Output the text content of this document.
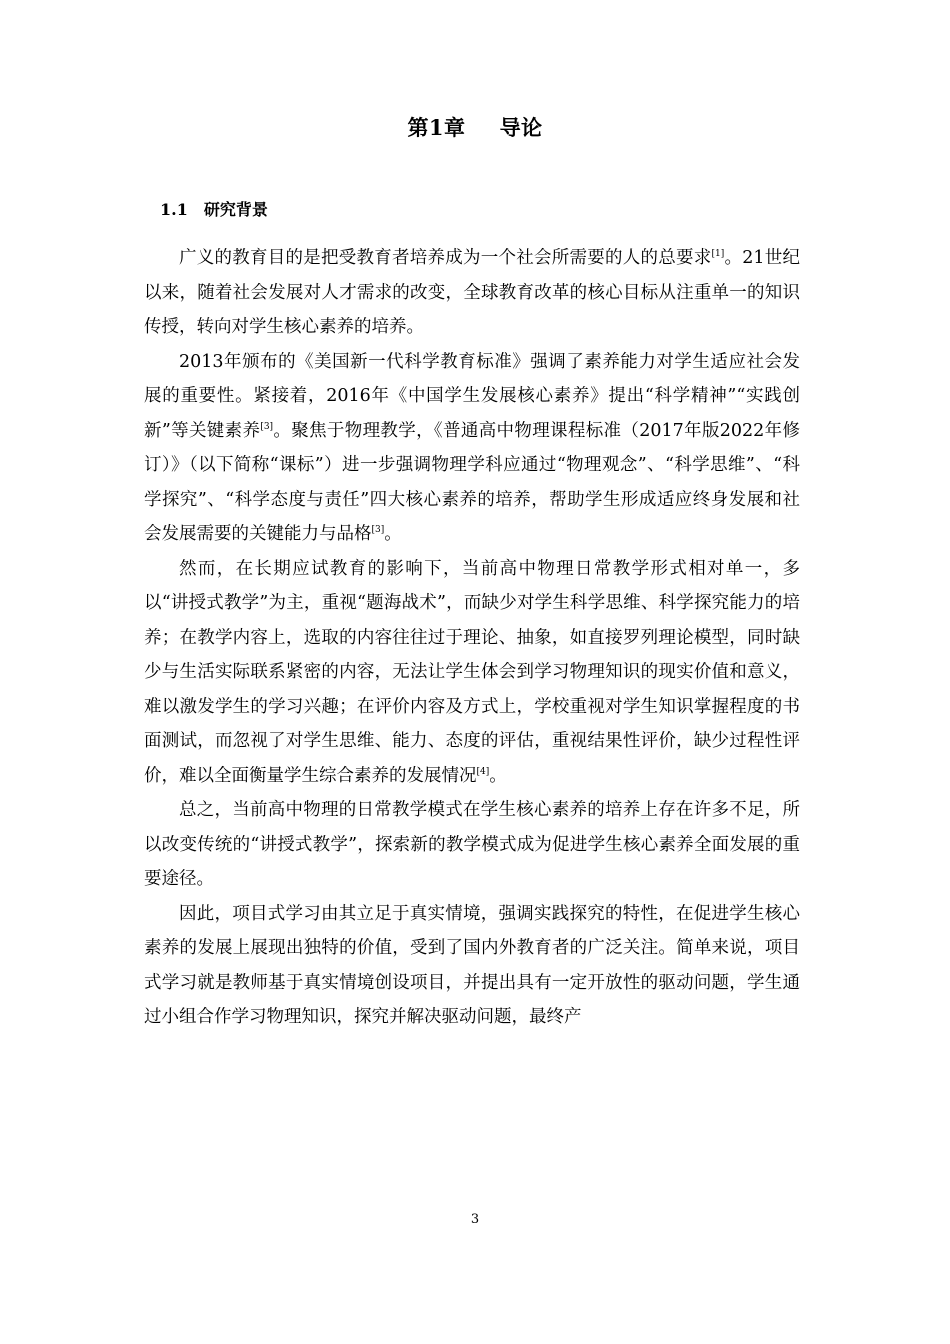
第1章 导论
1.1 研究背景

广义的教育目的是把受教育者培养成为一个社会所需要的人的总要求[1]。21世纪以来，随着社会发展对人才需求的改变，全球教育改革的核心目标从注重单一的知识传授，转向对学生核心素养的培养。

2013年颁布的《美国新一代科学教育标准》强调了素养能力对学生适应社会发展的重要性。紧接着，2016年《中国学生发展核心素养》提出“科学精神”“实践创新”等关键素养[3]。聚焦于物理教学，《普通高中物理课程标准（2017年版2022年修订）》（以下简称“课标”）进一步强调物理学科应通过“物理观念”、“科学思维”、“科学探究”、“科学态度与责任”四大核心素养的培养，帮助学生形成适应终身发展和社会发展需要的关键能力与品格[3]。

然而，在长期应试教育的影响下，当前高中物理日常教学形式相对单一，多以“讲授式教学”为主，重视“题海战术”，而缺少对学生科学思维、科学探究能力的培养；在教学内容上，选取的内容往往过于理论、抽象，如直接罗列理论模型，同时缺少与生活实际联系紧密的内容，无法让学生体会到学习物理知识的现实价值和意义，难以激发学生的学习兴趣；在评价内容及方式上，学校重视对学生知识掌握程度的书面测试，而忽视了对学生思维、能力、态度的评估，重视结果性评价，缺少过程性评价，难以全面衡量学生综合素养的发展情况[4]。

总之，当前高中物理的日常教学模式在学生核心素养的培养上存在许多不足，所以改变传统的“讲授式教学”，探索新的教学模式成为促进学生核心素养全面发展的重要途径。

因此，项目式学习由其立足于真实情境，强调实践探究的特性，在促进学生核心素养的发展上展现出独特的价值，受到了国内外教育者的广泛关注。简单来说，项目式学习就是教师基于真实情境创设项目，并提出具有一定开放性的驱动问题，学生通过小组合作学习物理知识，探究并解决驱动问题，最终产

3
